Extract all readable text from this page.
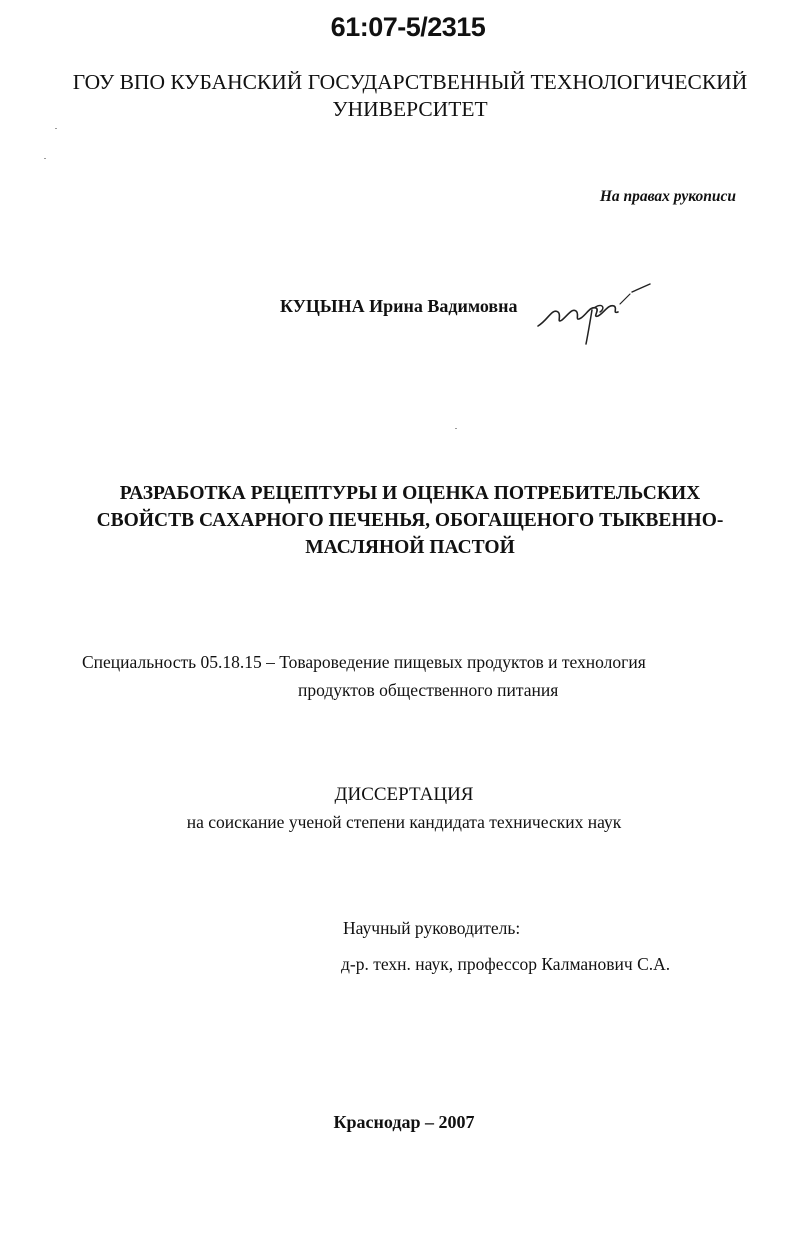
61:07-5/2315
ГОУ ВПО КУБАНСКИЙ ГОСУДАРСТВЕННЫЙ ТЕХНОЛОГИЧЕСКИЙ
УНИВЕРСИТЕТ
На правах рукописи
КУЦЫНА Ирина Вадимовна
РАЗРАБОТКА РЕЦЕПТУРЫ И ОЦЕНКА ПОТРЕБИТЕЛЬСКИХ
СВОЙСТВ САХАРНОГО ПЕЧЕНЬЯ, ОБОГАЩЕНОГО ТЫКВЕННО-
МАСЛЯНОЙ ПАСТОЙ
Специальность 05.18.15 – Товароведение пищевых продуктов и технология
продуктов общественного питания
ДИССЕРТАЦИЯ
на соискание ученой степени кандидата технических наук
Научный руководитель:
д-р. техн. наук, профессор Калманович С.А.
Краснодар – 2007
